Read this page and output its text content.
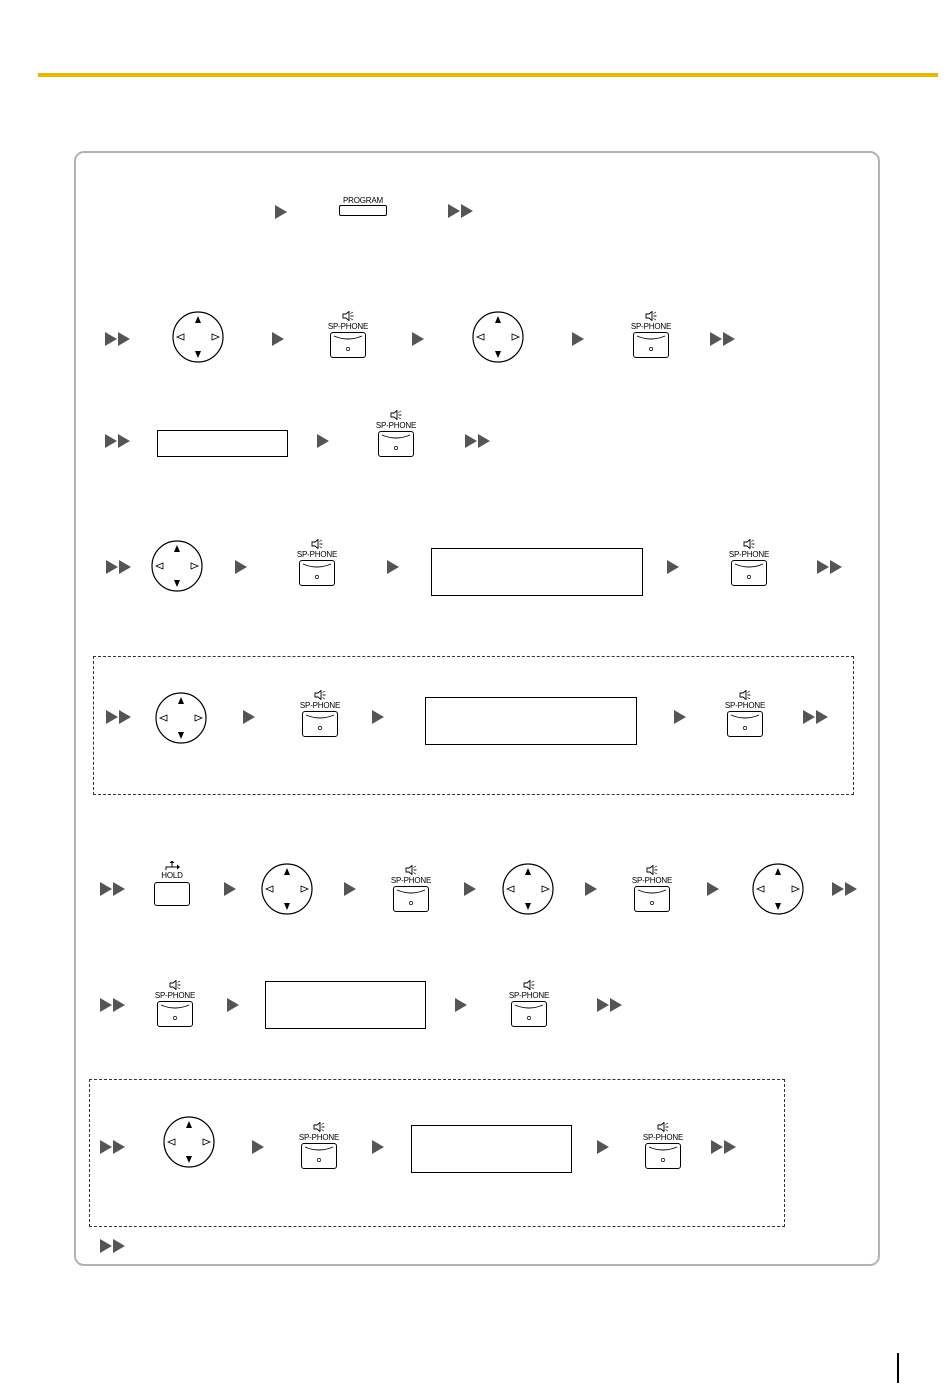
PROGRAM
SP-PHONE	SP-PHONE
SP-PHONE
SP-PHONE	SP-PHONE
SP-PHONE	SP-PHONE
HOLD
SP-PHONE	SP-PHONE
SP-PHONE	SP-PHONE
SP-PHONE	SP-PHONE
